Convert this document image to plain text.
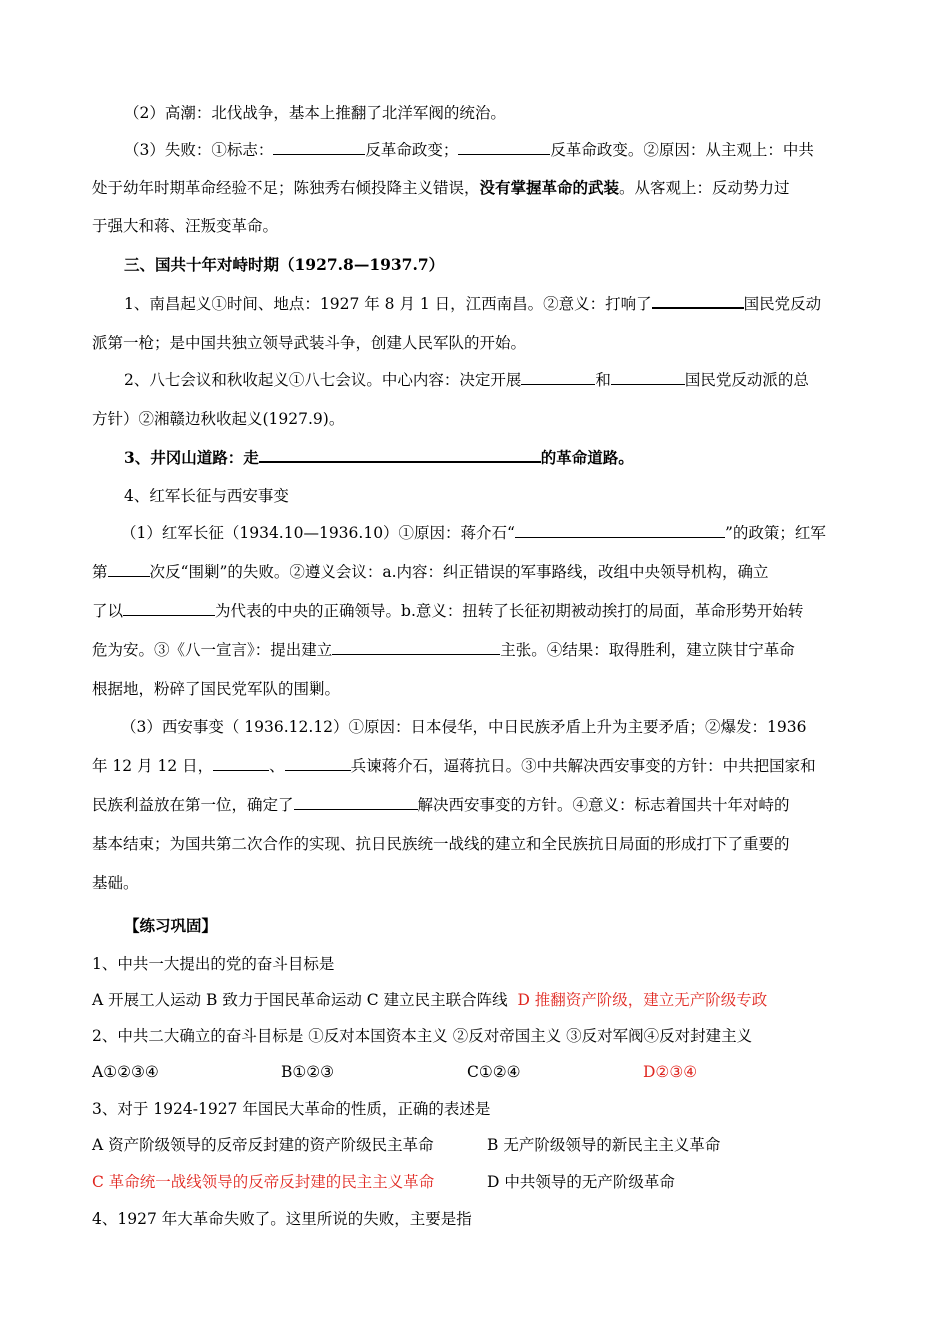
（2）高潮：北伐战争，基本上推翻了北洋军阀的统治。
（3）失败：①标志：	反革命政变；	反革命政变。②原因：从主观上：中共
处于幼年时期革命经验不足；陈独秀右倾投降主义错误，没有掌握革命的武装。从客观上：反动势力过
于强大和蒋、汪叛变革命。
三、国共十年对峙时期（1927.8—1937.7）
1、南昌起义①时间、地点：1927 年 8 月 1 日，江西南昌。②意义：打响了	国民党反动
派第一枪；是中国共独立领导武装斗争，创建人民军队的开始。
2、八七会议和秋收起义①八七会议。中心内容：决定开展	和	国民党反动派的总
方针）②湘赣边秋收起义(1927.9)。
3、井冈山道路：走	的革命道路。
4、红军长征与西安事变
（1）红军长征（1934.10—1936.10）①原因：蒋介石“	”的政策；红军
第	次反“围剿”的失败。②遵义会议：a.内容：纠正错误的军事路线，改组中央领导机构，确立
了以	为代表的中央的正确领导。b.意义：扭转了长征初期被动挨打的局面，革命形势开始转
危为安。③《八一宣言》：提出建立	主张。④结果：取得胜利，建立陕甘宁革命
根据地，粉碎了国民党军队的围剿。
（3）西安事变（ 1936.12.12）①原因：日本侵华，中日民族矛盾上升为主要矛盾；②爆发：1936
年 12 月 12 日，	、	兵谏蒋介石，逼蒋抗日。③中共解决西安事变的方针：中共把国家和
民族利益放在第一位，确定了	解决西安事变的方针。④意义：标志着国共十年对峙的
基本结束；为国共第二次合作的实现、抗日民族统一战线的建立和全民族抗日局面的形成打下了重要的
基础。
【练习巩固】
1、中共一大提出的党的奋斗目标是
A 开展工人运动 B 致力于国民革命运动 C 建立民主联合阵线 D 推翻资产阶级，建立无产阶级专政
2、中共二大确立的奋斗目标是 ①反对本国资本主义 ②反对帝国主义 ③反对军阀④反对封建主义
A①②③④	B①②③	C①②④	D②③④
3、对于 1924-1927 年国民大革命的性质，正确的表述是
A 资产阶级领导的反帝反封建的资产阶级民主革命	B 无产阶级领导的新民主主义革命
C 革命统一战线领导的反帝反封建的民主主义革命	D 中共领导的无产阶级革命
4、1927 年大革命失败了。这里所说的失败，主要是指
